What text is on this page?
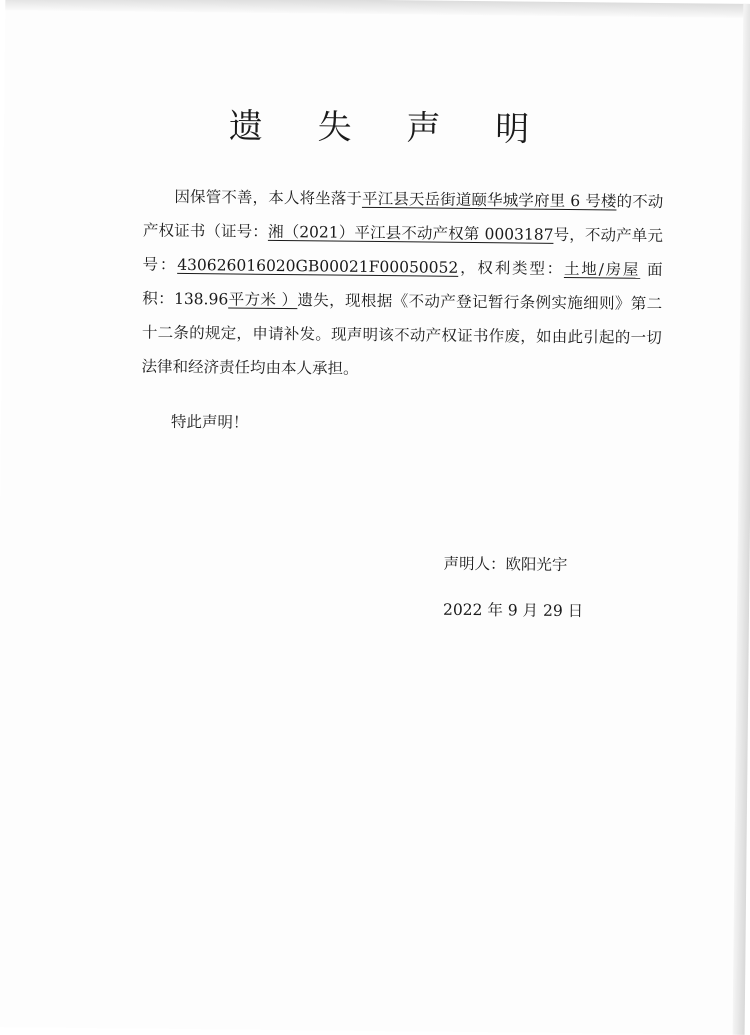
遗 失 声 明

因保管不善，本人将坐落于平江县天岳街道颐华城学府里 6 号楼的不动产权证书（证号：湘（2021）平江县不动产权第 0003187号，不动产单元号：430626016020GB00021F00050052，权利类型：土地/房屋 面积：138.96平方米 ）遗失，现根据《不动产登记暂行条例实施细则》第二十二条的规定，申请补发。现声明该不动产权证书作废，如由此引起的一切法律和经济责任均由本人承担。

特此声明！
声明人：欧阳光宇
2022 年 9 月 29 日
